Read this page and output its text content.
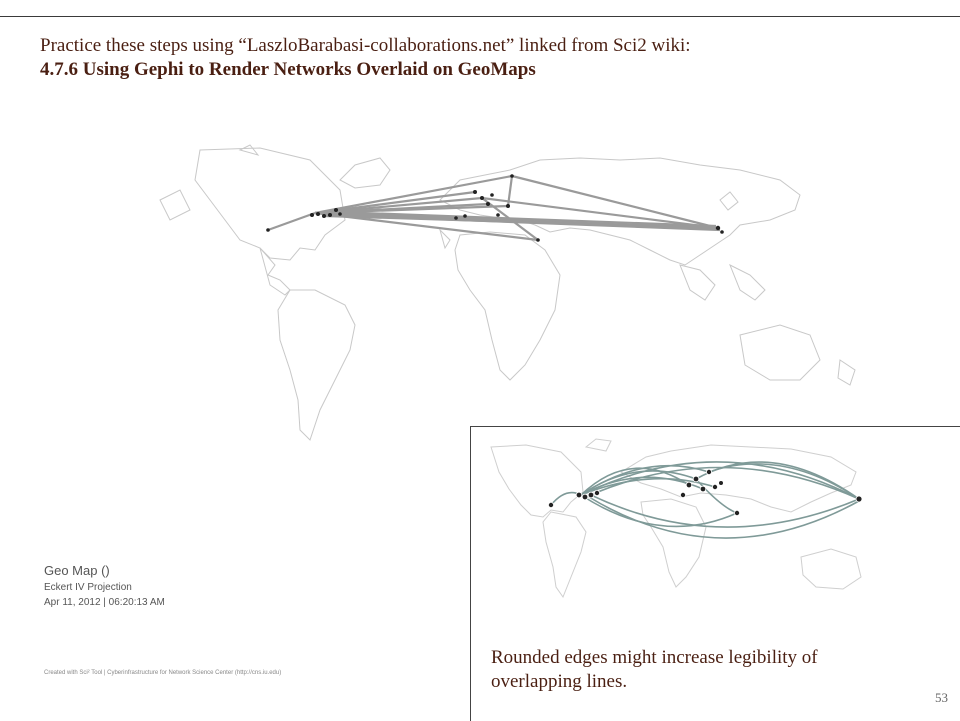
Practice these steps using “LaszloBarabasi-collaborations.net” linked from Sci2 wiki:
4.7.6 Using Gephi to Render Networks Overlaid on GeoMaps
Geo Map ()
Eckert IV Projection
Apr 11, 2012 | 06:20:13 AM
Created with Sci² Tool | Cyberinfrastructure for Network Science Center (http://cns.iu.edu)
Rounded edges might increase legibility of overlapping lines.
53
